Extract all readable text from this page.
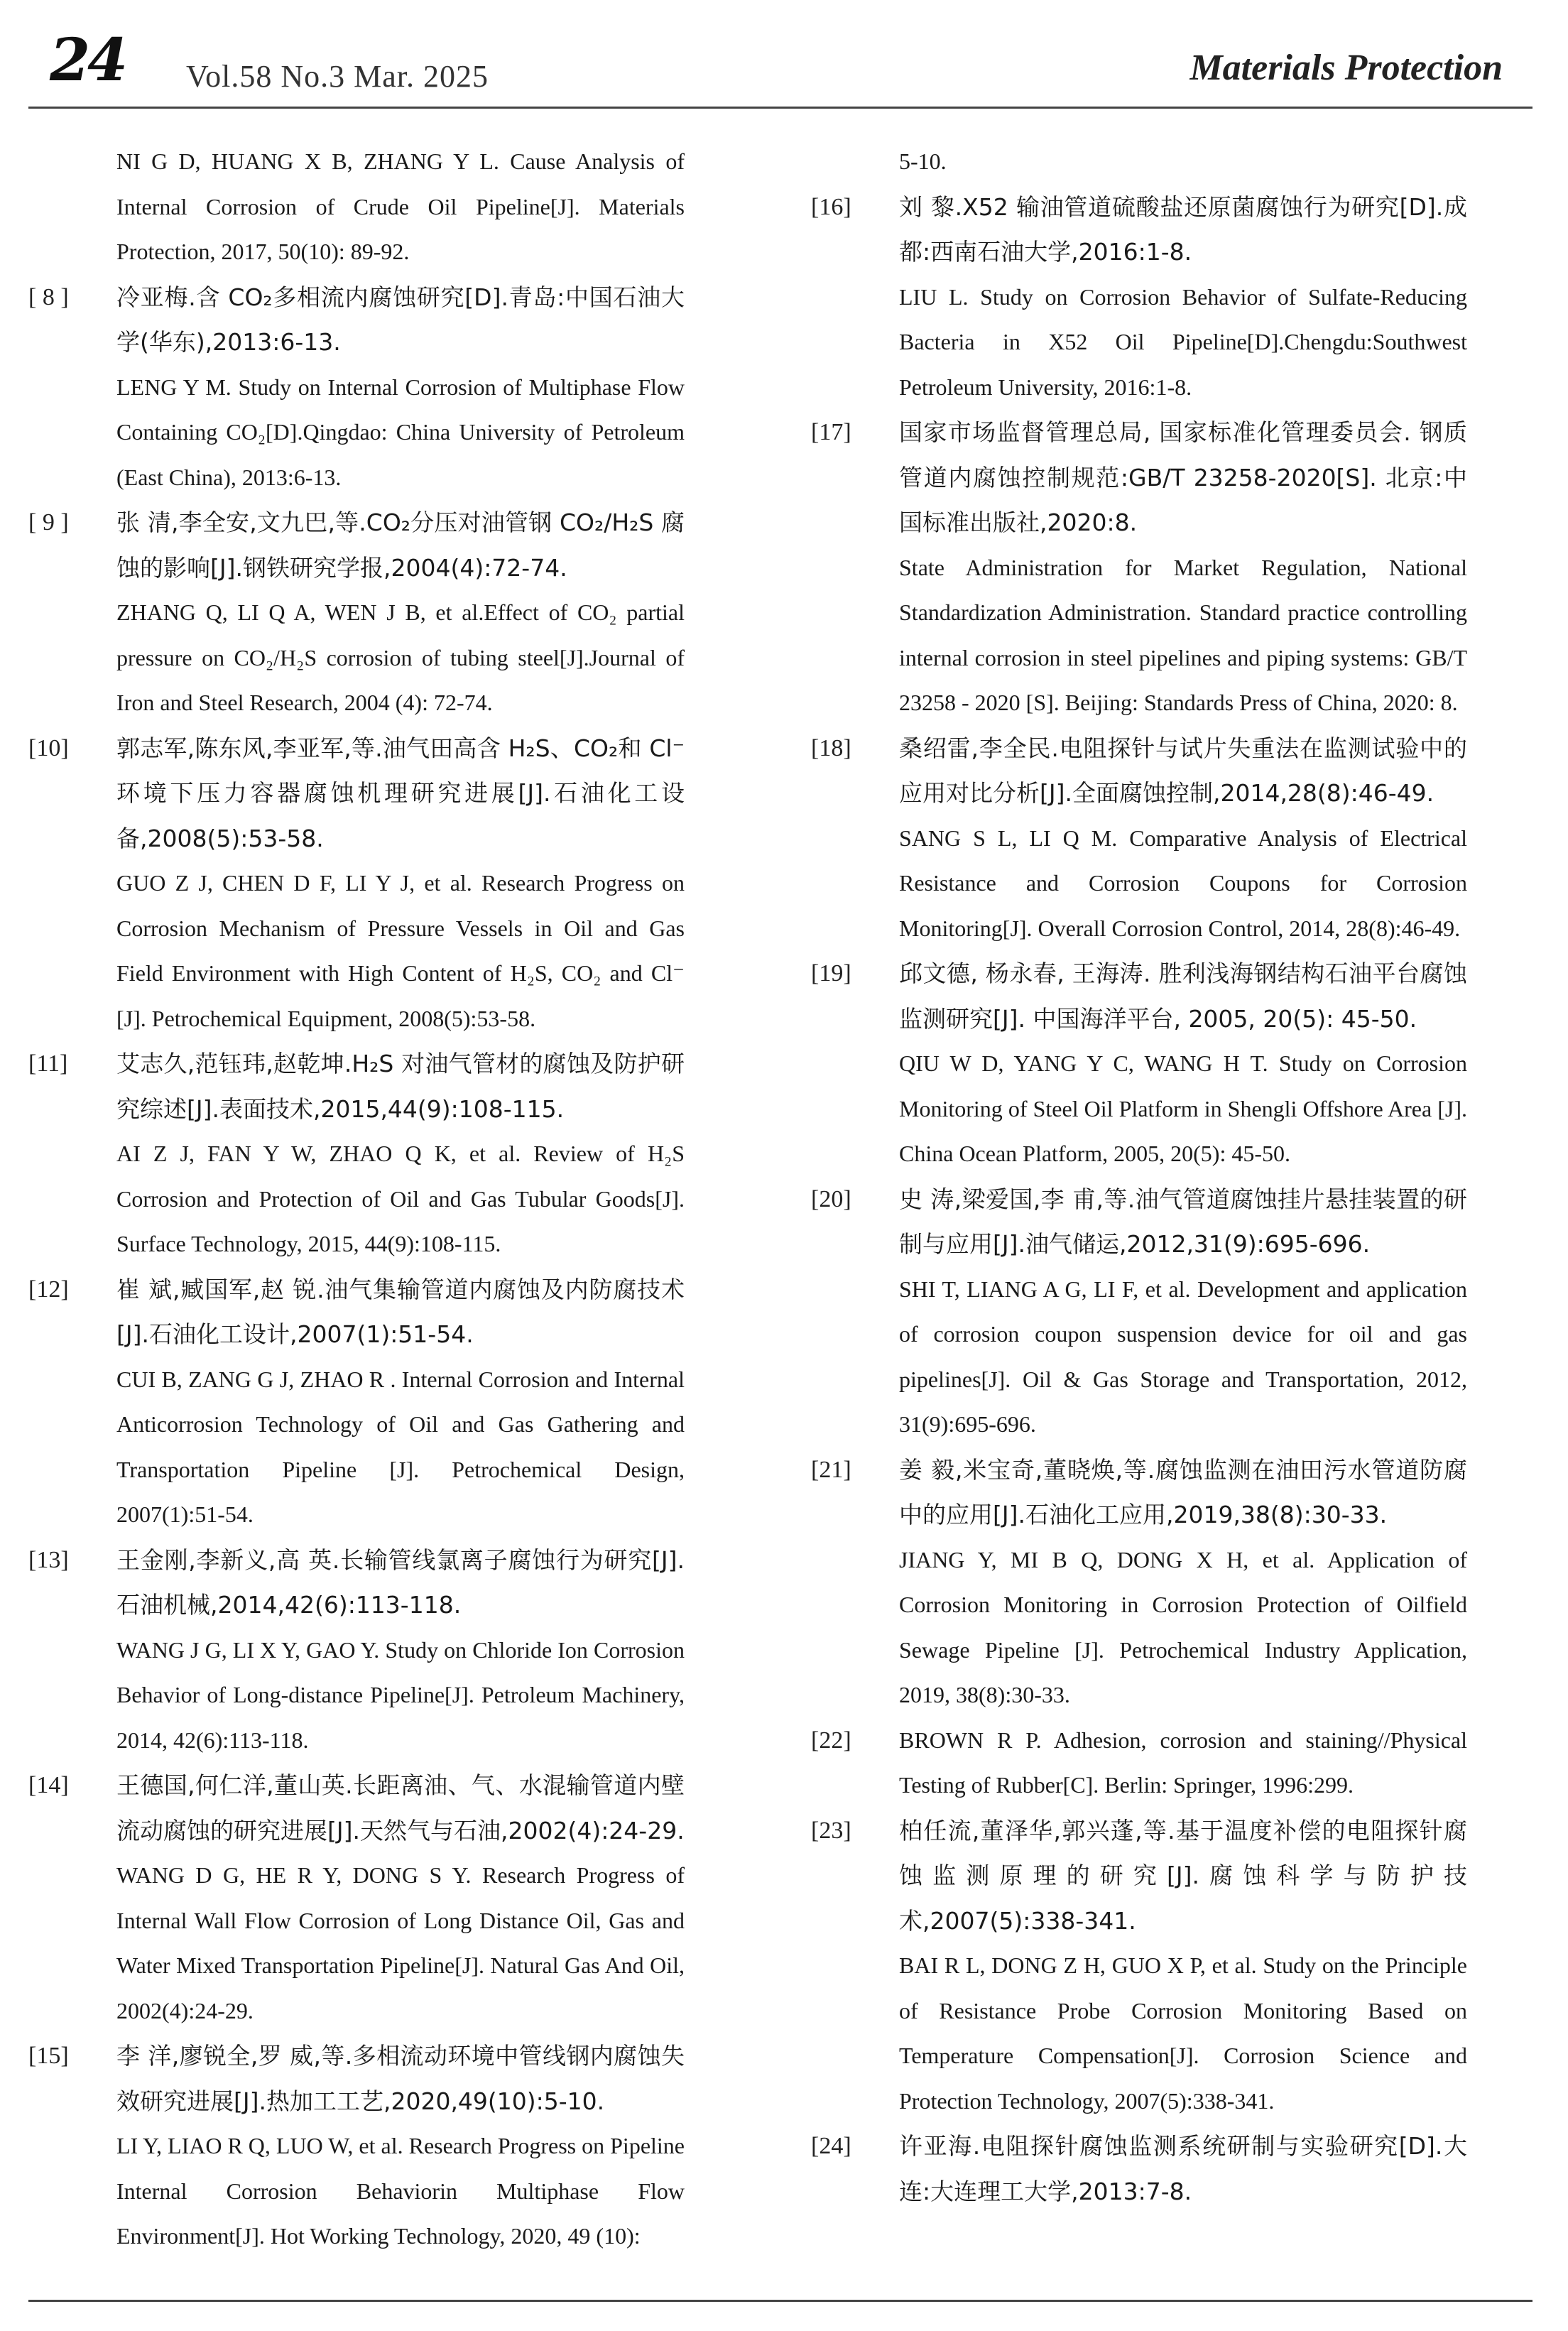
24 Vol.58 No.3 Mar. 2025	Materials Protection

NI G D, HUANG X B, ZHANG Y L. Cause Analysis of Internal Corrosion of Crude Oil Pipeline[J]. Materials Protection, 2017, 50(10): 89-92.

[ 8 ]	冷亚梅.含 CO₂多相流内腐蚀研究[D].青岛:中国石油大学(华东),2013:6-13.

LENG Y M. Study on Internal Corrosion of Multiphase Flow Containing CO₂[D].Qingdao: China University of Petroleum (East China), 2013:6-13.

[ 9 ]	张 清,李全安,文九巴,等.CO₂分压对油管钢 CO₂/H₂S 腐蚀的影响[J].钢铁研究学报,2004(4):72-74.

ZHANG Q, LI Q A, WEN J B, et al.Effect of CO₂ partial pressure on CO₂/H₂S corrosion of tubing steel[J].Journal of Iron and Steel Research, 2004 (4): 72-74.

[10]	郭志军,陈东风,李亚军,等.油气田高含 H₂S、CO₂和 Cl⁻环境下压力容器腐蚀机理研究进展[J].石油化工设备,2008(5):53-58.

GUO Z J, CHEN D F, LI Y J, et al. Research Progress on Corrosion Mechanism of Pressure Vessels in Oil and Gas Field Environment with High Content of H₂S, CO₂ and Cl⁻ [J]. Petrochemical Equipment, 2008(5):53-58.

[11]	艾志久,范钰玮,赵乾坤.H₂S 对油气管材的腐蚀及防护研究综述[J].表面技术,2015,44(9):108-115.

AI Z J, FAN Y W, ZHAO Q K, et al. Review of H₂S Corrosion and Protection of Oil and Gas Tubular Goods[J]. Surface Technology, 2015, 44(9):108-115.

[12]	崔 斌,臧国军,赵 锐.油气集输管道内腐蚀及内防腐技术[J].石油化工设计,2007(1):51-54.

CUI B, ZANG G J, ZHAO R . Internal Corrosion and Internal Anticorrosion Technology of Oil and Gas Gathering and Transportation Pipeline [J]. Petrochemical Design, 2007(1):51-54.

[13]	王金刚,李新义,高 英.长输管线氯离子腐蚀行为研究[J].石油机械,2014,42(6):113-118.

WANG J G, LI X Y, GAO Y. Study on Chloride Ion Corrosion Behavior of Long-distance Pipeline[J]. Petroleum Machinery, 2014, 42(6):113-118.

[14]	王德国,何仁洋,董山英.长距离油、气、水混输管道内壁流动腐蚀的研究进展[J].天然气与石油,2002(4):24-29.

WANG D G, HE R Y, DONG S Y. Research Progress of Internal Wall Flow Corrosion of Long Distance Oil, Gas and Water Mixed Transportation Pipeline[J]. Natural Gas And Oil, 2002(4):24-29.

[15]	李 洋,廖锐全,罗 威,等.多相流动环境中管线钢内腐蚀失效研究进展[J].热加工工艺,2020,49(10):5-10.

LI Y, LIAO R Q, LUO W, et al. Research Progress on Pipeline Internal Corrosion Behaviorin Multiphase Flow Environment[J]. Hot Working Technology, 2020, 49 (10):

5-10.

[16]	刘 黎.X52 输油管道硫酸盐还原菌腐蚀行为研究[D].成都:西南石油大学,2016:1-8.

LIU L. Study on Corrosion Behavior of Sulfate-Reducing Bacteria in X52 Oil Pipeline[D].Chengdu:Southwest Petroleum University, 2016:1-8.

[17]	国家市场监督管理总局, 国家标准化管理委员会. 钢质管道内腐蚀控制规范:GB/T 23258-2020[S]. 北京:中国标准出版社,2020:8.

State Administration for Market Regulation, National Standardization Administration. Standard practice controlling internal corrosion in steel pipelines and piping systems: GB/T 23258 - 2020 [S]. Beijing: Standards Press of China, 2020: 8.

[18]	桑绍雷,李全民.电阻探针与试片失重法在监测试验中的应用对比分析[J].全面腐蚀控制,2014,28(8):46-49.

SANG S L, LI Q M. Comparative Analysis of Electrical Resistance and Corrosion Coupons for Corrosion Monitoring[J]. Overall Corrosion Control, 2014, 28(8):46-49.

[19]	邱文德, 杨永春, 王海涛. 胜利浅海钢结构石油平台腐蚀监测研究[J]. 中国海洋平台, 2005, 20(5): 45-50.

QIU W D, YANG Y C, WANG H T. Study on Corrosion Monitoring of Steel Oil Platform in Shengli Offshore Area [J]. China Ocean Platform, 2005, 20(5): 45-50.

[20]	史 涛,梁爱国,李 甫,等.油气管道腐蚀挂片悬挂装置的研制与应用[J].油气储运,2012,31(9):695-696.

SHI T, LIANG A G, LI F, et al. Development and application of corrosion coupon suspension device for oil and gas pipelines[J]. Oil & Gas Storage and Transportation, 2012, 31(9):695-696.

[21]	姜 毅,米宝奇,董晓焕,等.腐蚀监测在油田污水管道防腐中的应用[J].石油化工应用,2019,38(8):30-33.

JIANG Y, MI B Q, DONG X H, et al. Application of Corrosion Monitoring in Corrosion Protection of Oilfield Sewage Pipeline [J]. Petrochemical Industry Application, 2019, 38(8):30-33.

[22]	BROWN R P. Adhesion, corrosion and staining//Physical Testing of Rubber[C]. Berlin: Springer, 1996:299.

[23]	柏任流,董泽华,郭兴蓬,等.基于温度补偿的电阻探针腐蚀监测原理的研究[J].腐蚀科学与防护技术,2007(5):338-341.

BAI R L, DONG Z H, GUO X P, et al. Study on the Principle of Resistance Probe Corrosion Monitoring Based on Temperature Compensation[J]. Corrosion Science and Protection Technology, 2007(5):338-341.

[24]	许亚海.电阻探针腐蚀监测系统研制与实验研究[D].大连:大连理工大学,2013:7-8.
